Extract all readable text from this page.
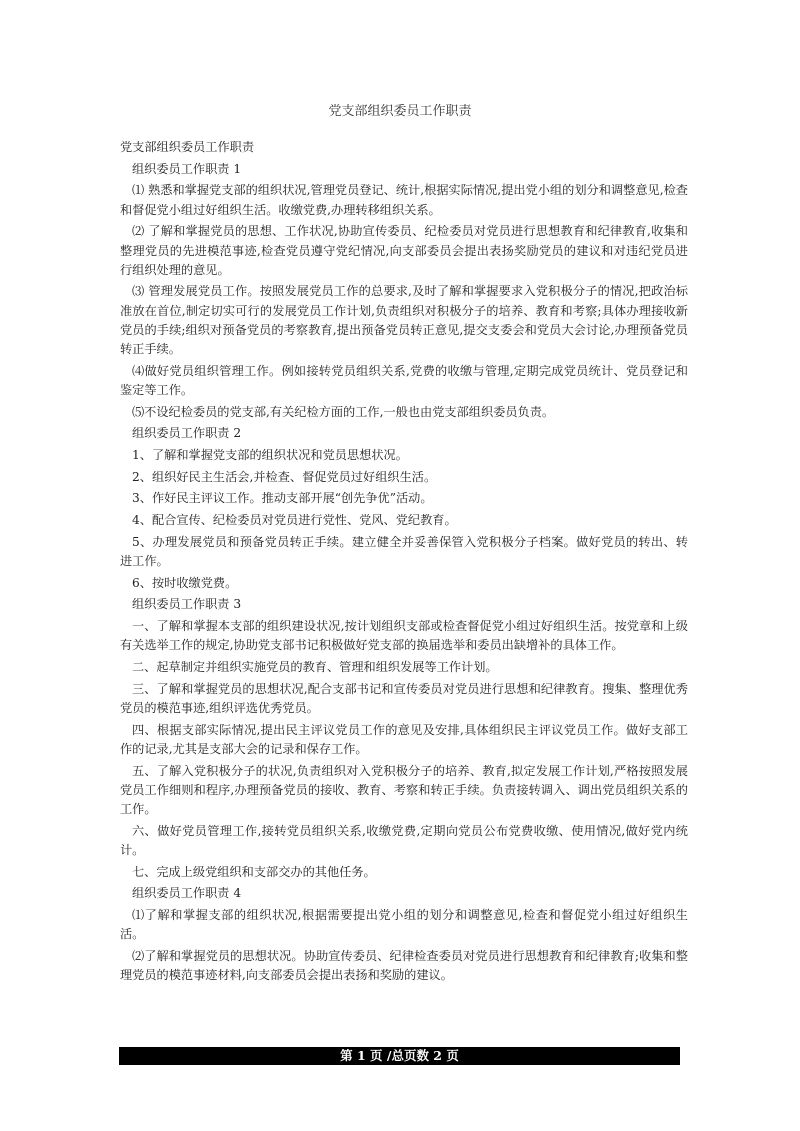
党支部组织委员工作职责

党支部组织委员工作职责

组织委员工作职责 1

⑴ 熟悉和掌握党支部的组织状况,管理党员登记、统计,根据实际情况,提出党小组的划分和调整意见,检查和督促党小组过好组织生活。收缴党费,办理转移组织关系。

⑵ 了解和掌握党员的思想、工作状况,协助宣传委员、纪检委员对党员进行思想教育和纪律教育,收集和整理党员的先进模范事迹,检查党员遵守党纪情况,向支部委员会提出表扬奖励党员的建议和对违纪党员进行组织处理的意见。

⑶ 管理发展党员工作。按照发展党员工作的总要求,及时了解和掌握要求入党积极分子的情况,把政治标准放在首位,制定切实可行的发展党员工作计划,负责组织对积极分子的培养、教育和考察;具体办理接收新党员的手续;组织对预备党员的考察教育,提出预备党员转正意见,提交支委会和党员大会讨论,办理预备党员转正手续。

⑷做好党员组织管理工作。例如接转党员组织关系,党费的收缴与管理,定期完成党员统计、党员登记和鉴定等工作。

⑸不设纪检委员的党支部,有关纪检方面的工作,一般也由党支部组织委员负责。

组织委员工作职责 2

1、了解和掌握党支部的组织状况和党员思想状况。

2、组织好民主生活会,并检查、督促党员过好组织生活。

3、作好民主评议工作。推动支部开展“创先争优”活动。

4、配合宣传、纪检委员对党员进行党性、党风、党纪教育。

5、办理发展党员和预备党员转正手续。建立健全并妥善保管入党积极分子档案。做好党员的转出、转进工作。

6、按时收缴党费。

组织委员工作职责 3

一、了解和掌握本支部的组织建设状况,按计划组织支部或检查督促党小组过好组织生活。按党章和上级有关选举工作的规定,协助党支部书记积极做好党支部的换届选举和委员出缺增补的具体工作。

二、起草制定并组织实施党员的教育、管理和组织发展等工作计划。

三、了解和掌握党员的思想状况,配合支部书记和宣传委员对党员进行思想和纪律教育。搜集、整理优秀党员的模范事迹,组织评选优秀党员。

四、根据支部实际情况,提出民主评议党员工作的意见及安排,具体组织民主评议党员工作。做好支部工作的记录,尤其是支部大会的记录和保存工作。

五、了解入党积极分子的状况,负责组织对入党积极分子的培养、教育,拟定发展工作计划,严格按照发展党员工作细则和程序,办理预备党员的接收、教育、考察和转正手续。负责接转调入、调出党员组织关系的工作。

六、做好党员管理工作,接转党员组织关系,收缴党费,定期向党员公布党费收缴、使用情况,做好党内统计。

七、完成上级党组织和支部交办的其他任务。

组织委员工作职责 4

⑴了解和掌握支部的组织状况,根据需要提出党小组的划分和调整意见,检查和督促党小组过好组织生活。

⑵了解和掌握党员的思想状况。协助宣传委员、纪律检查委员对党员进行思想教育和纪律教育;收集和整理党员的模范事迹材料,向支部委员会提出表扬和奖励的建议。

第 1 页 /总页数 2 页
